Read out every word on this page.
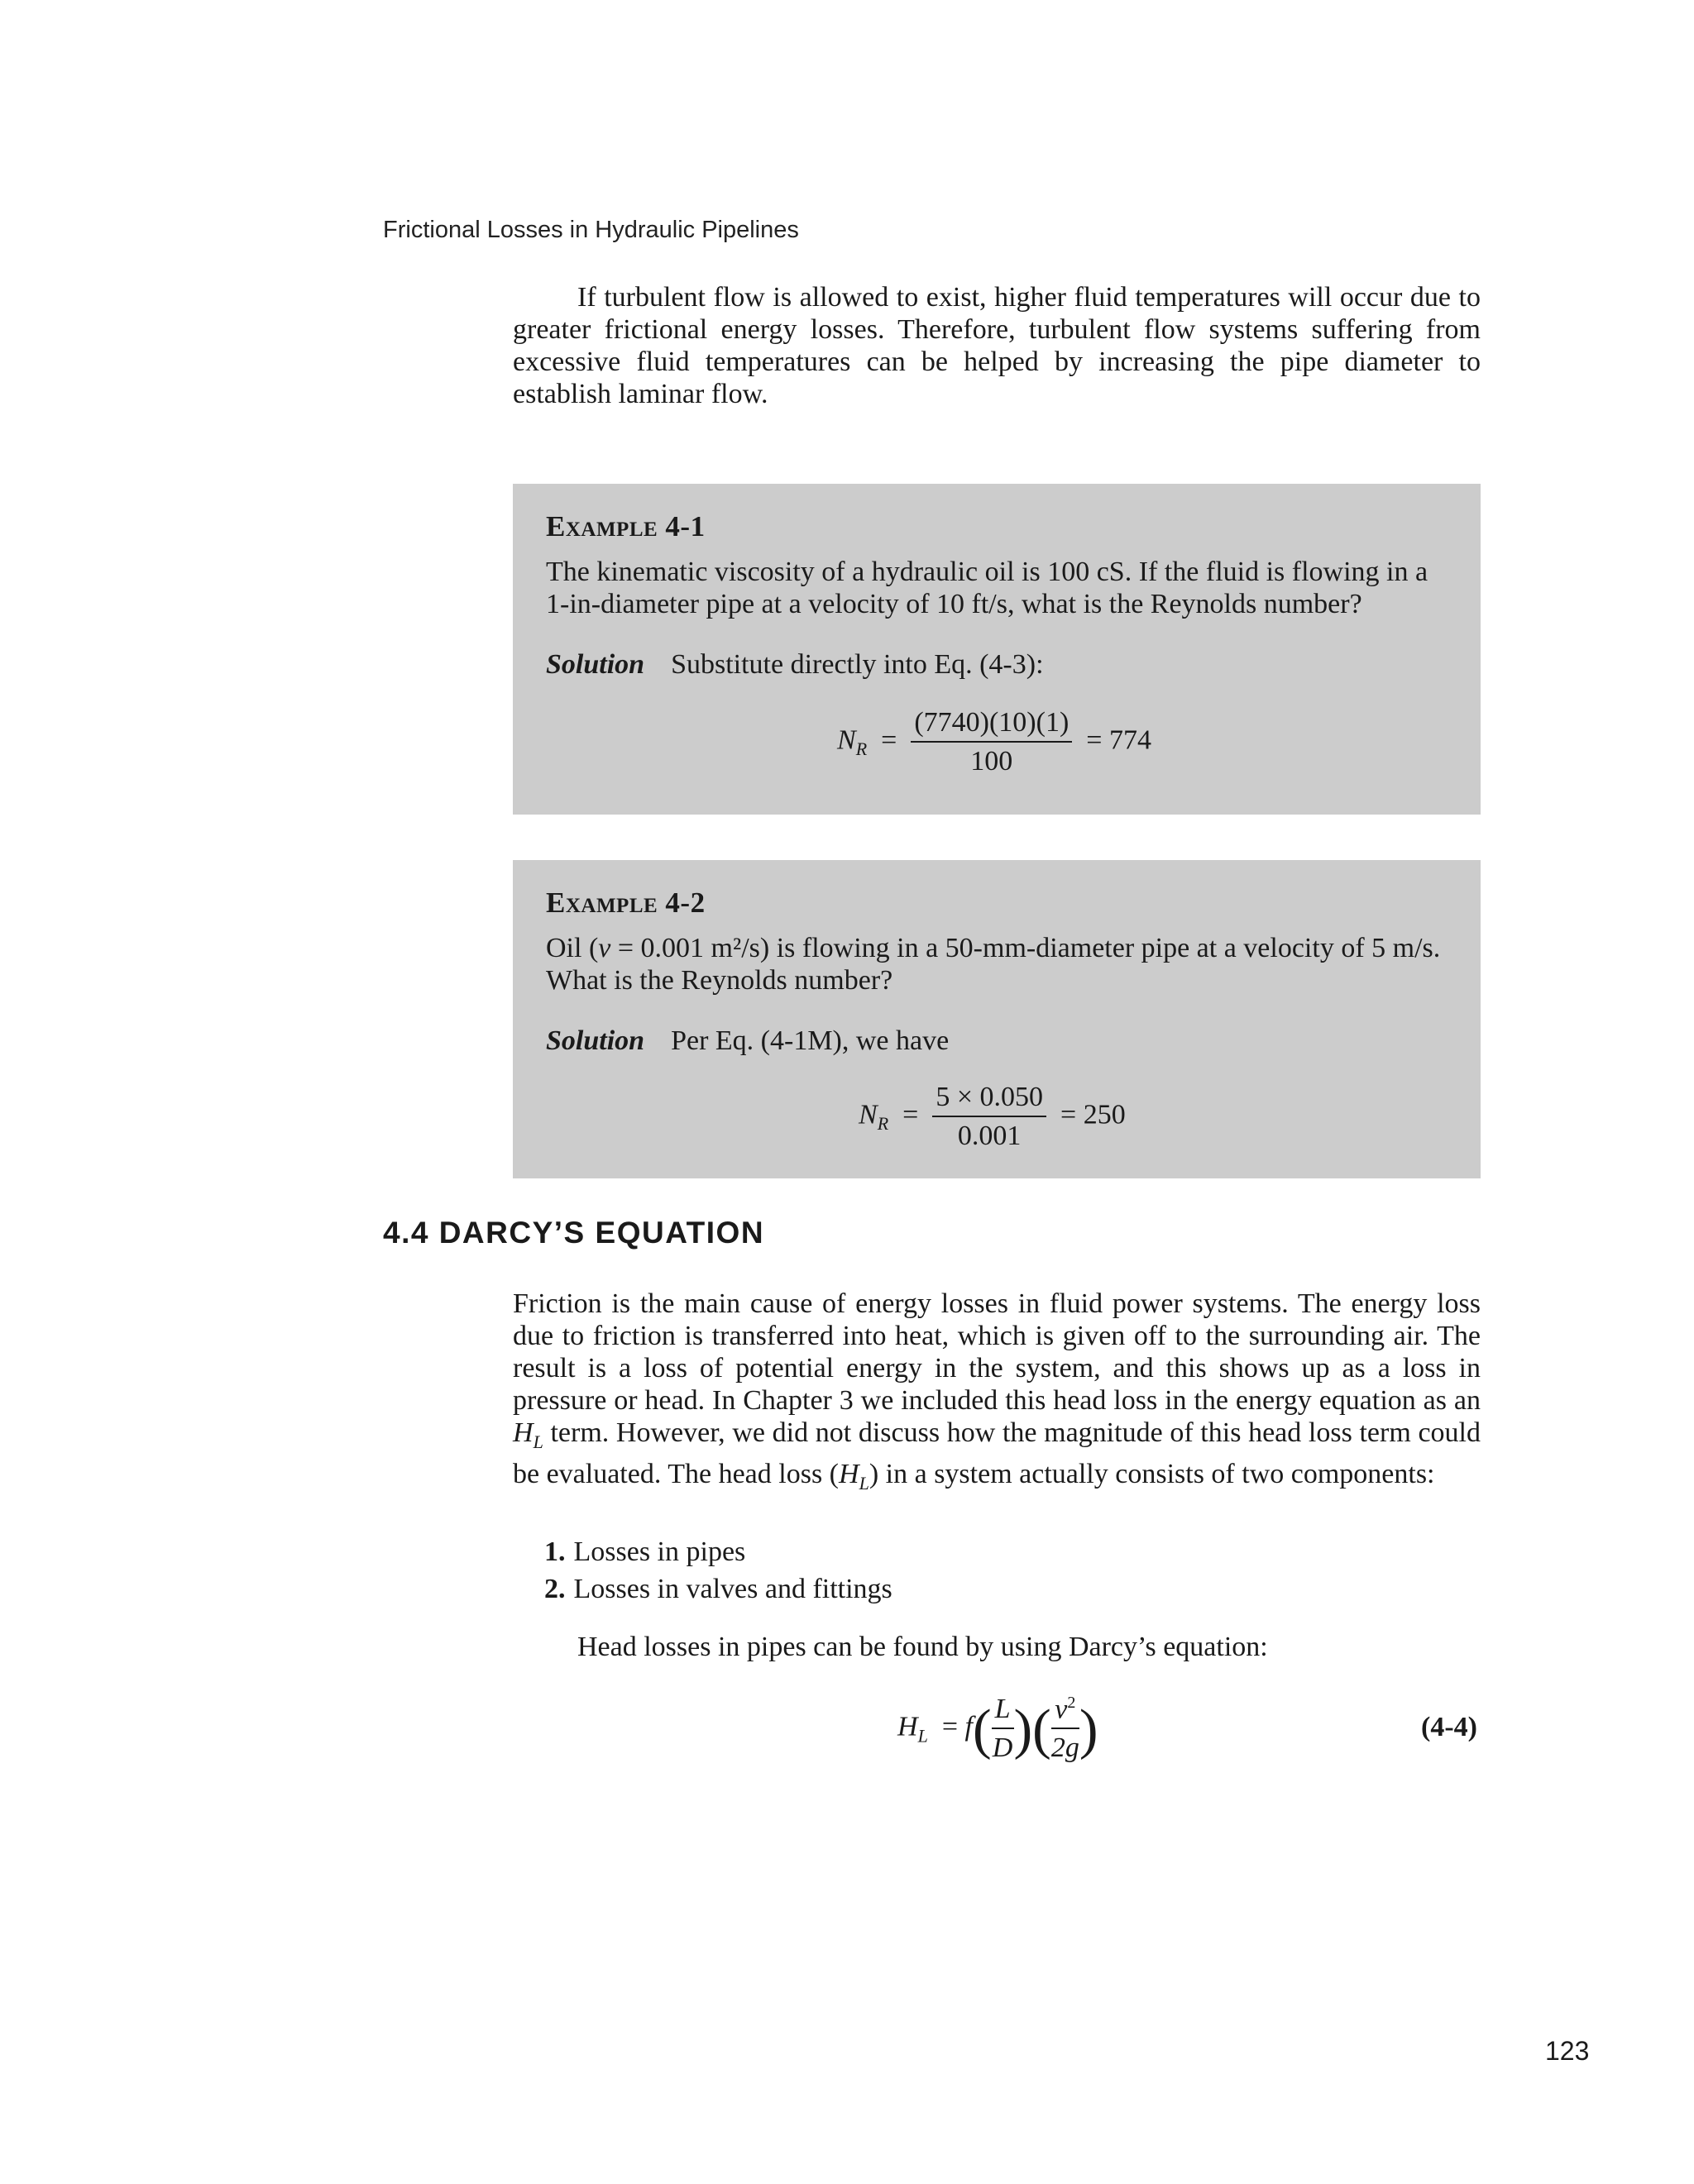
Frictional Losses in Hydraulic Pipelines

If turbulent flow is allowed to exist, higher fluid temperatures will occur due to greater frictional energy losses. Therefore, turbulent flow systems suffering from excessive fluid temperatures can be helped by increasing the pipe diameter to establish laminar flow.

Example 4-1

The kinematic viscosity of a hydraulic oil is 100 cS. If the fluid is flowing in a 1-in-diameter pipe at a velocity of 10 ft/s, what is the Reynolds number?

Solution Substitute directly into Eq. (4-3):
$N_R = \frac{(7740)(10)(1)}{100} = 774$
Example 4-2

Oil (v = 0.001 m²/s) is flowing in a 50-mm-diameter pipe at a velocity of 5 m/s. What is the Reynolds number?

Solution Per Eq. (4-1M), we have
$N_R = \frac{5 \times 0.050}{0.001} = 250$
4.4 DARCY’S EQUATION

Friction is the main cause of energy losses in fluid power systems. The energy loss due to friction is transferred into heat, which is given off to the surrounding air. The result is a loss of potential energy in the system, and this shows up as a loss in pressure or head. In Chapter 3 we included this head loss in the energy equation as an $H_L$ term. However, we did not discuss how the magnitude of this head loss term could be evaluated. The head loss $(H_L)$ in a system actually consists of two components:

1. Losses in pipes
2. Losses in valves and fittings

Head losses in pipes can be found by using Darcy’s equation:

$H_L = f( \frac{L}{D}$ )( $\frac{v^2}{2g}$ )	(4-4)
123
